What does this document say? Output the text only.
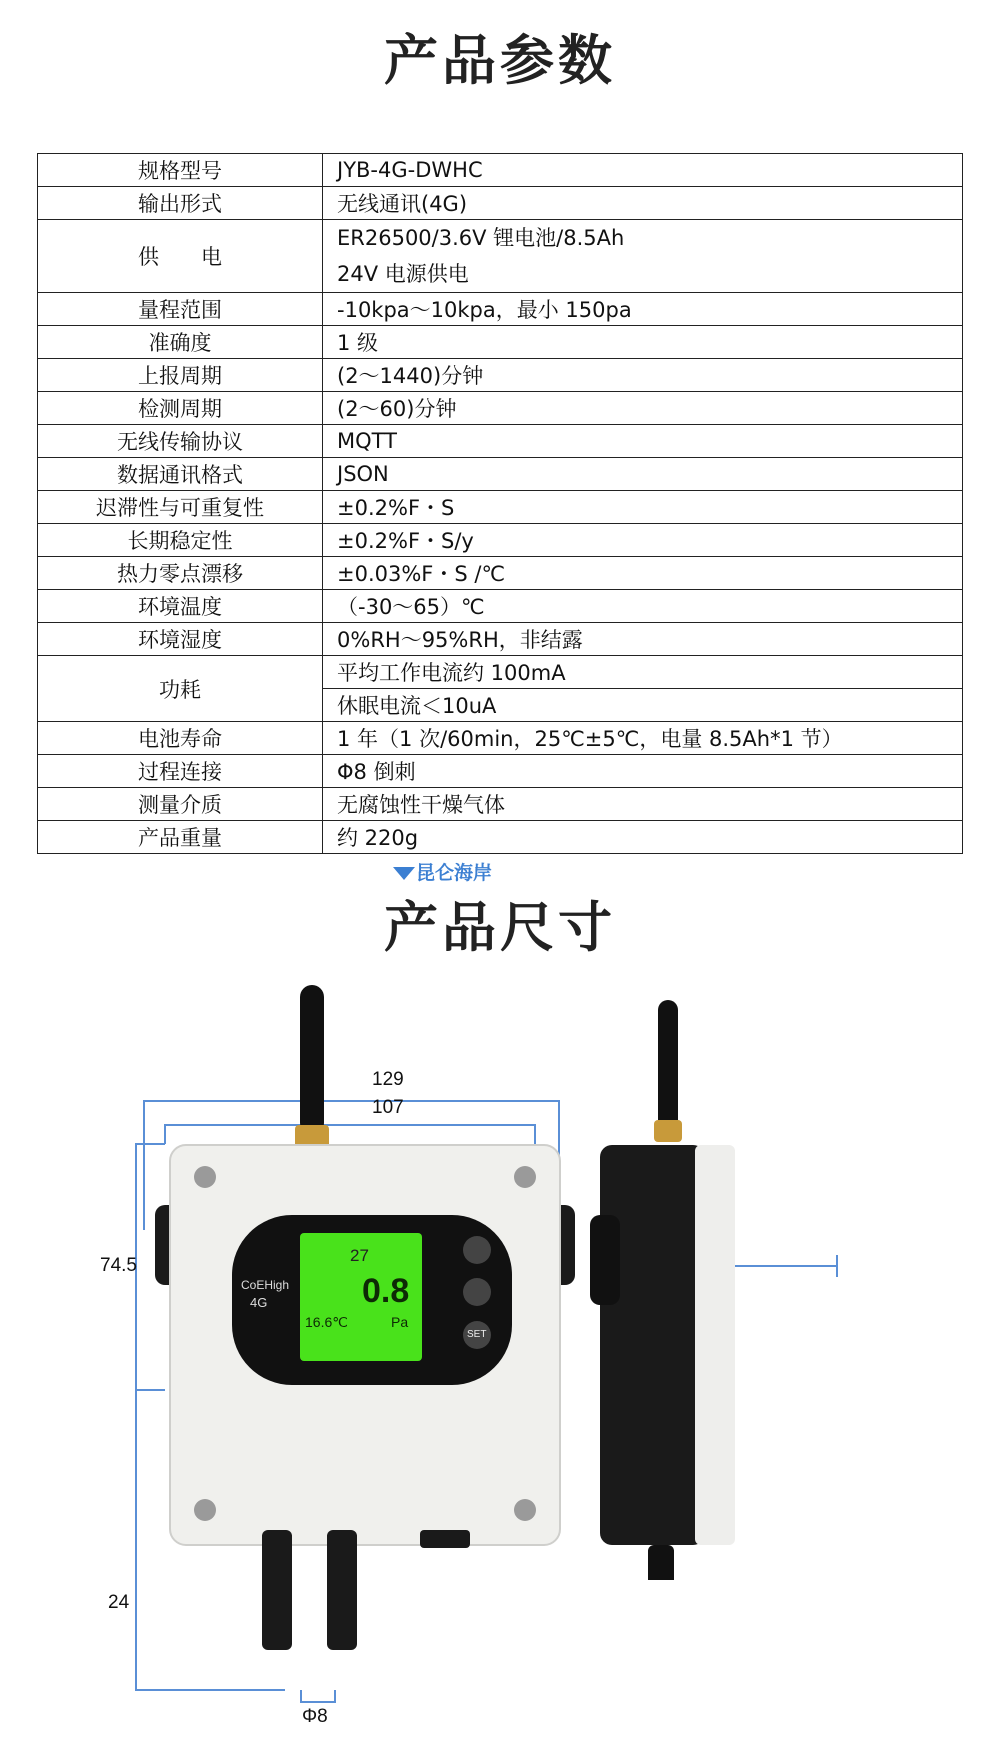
产品参数
规格型号	JYB-4G-DWHC
输出形式	无线通讯(4G)
供　　电	ER26500/3.6V 锂电池/8.5Ah
24V 电源供电

量程范围	-10kpa～10kpa，最小 150pa
准确度	1 级
上报周期	(2～1440)分钟
检测周期	(2～60)分钟
无线传输协议	MQTT
数据通讯格式	JSON
迟滞性与可重复性	±0.2%F・S
长期稳定性	±0.2%F・S/y
热力零点漂移	±0.03%F・S /℃
环境温度	（-30～65）℃
环境湿度	0%RH～95%RH，非结露
功耗	平均工作电流约 100mA
	休眠电流＜10uA
电池寿命	1 年（1 次/60min，25℃±5℃，电量 8.5Ah*1 节）
过程连接	Φ8 倒刺
测量介质	无腐蚀性干燥气体
产品重量	约 220g
产品尺寸
129
107
74.5
24
Φ8
27
0.8
16.6℃	Pa
CoEHigh
4G
SET
昆仑海岸
